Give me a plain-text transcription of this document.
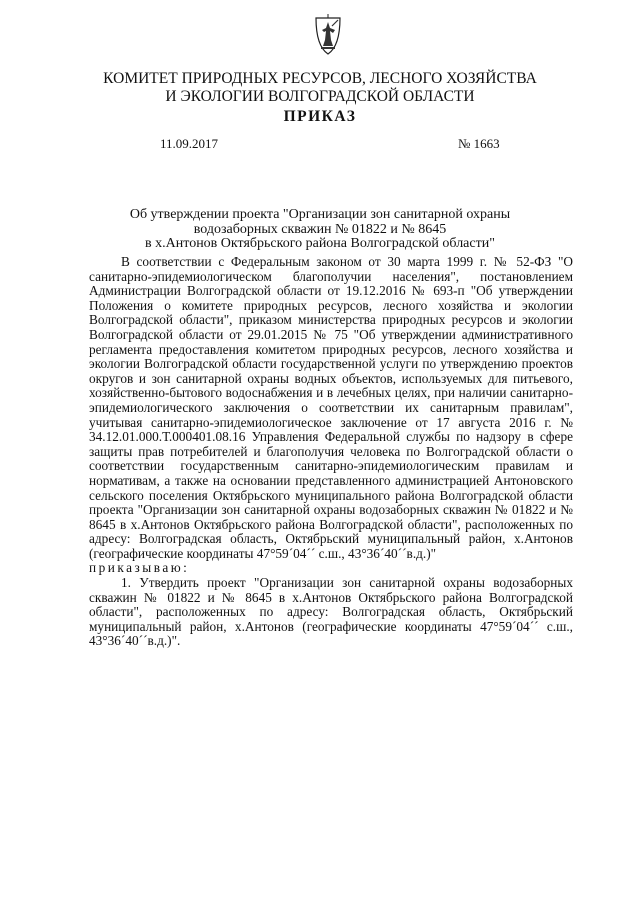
КОМИТЕТ ПРИРОДНЫХ РЕСУРСОВ, ЛЕСНОГО ХОЗЯЙСТВА
И ЭКОЛОГИИ ВОЛГОГРАДСКОЙ ОБЛАСТИ
ПРИКАЗ
11.09.2017	№ 1663
Об утверждении проекта "Организации зон санитарной охраны
водозаборных скважин № 01822 и № 8645
в х.Антонов Октябрьского района Волгоградской области"

В соответствии с Федеральным законом от 30 марта 1999 г. № 52-ФЗ "О санитарно-эпидемиологическом благополучии населения", постановлением Администрации Волгоградской области от 19.12.2016 № 693-п "Об утверждении Положения о комитете природных ресурсов, лесного хозяйства и экологии Волгоградской области", приказом министерства природных ресурсов и экологии Волгоградской области от 29.01.2015 № 75 "Об утверждении административного регламента предоставления комитетом природных ресурсов, лесного хозяйства и экологии Волгоградской области государственной услуги по утверждению проектов округов и зон санитарной охраны водных объектов, используемых для питьевого, хозяйственно-бытового водоснабжения и в лечебных целях, при наличии санитарно-эпидемиологического заключения о соответствии их санитарным правилам", учитывая санитарно-эпидемиологическое заключение от 17 августа 2016 г. № 34.12.01.000.Т.000401.08.16 Управления Федеральной службы по надзору в сфере защиты прав потребителей и благополучия человека по Волгоградской области о соответствии государственным санитарно-эпидемиологическим правилам и нормативам, а также на основании представленного администрацией Антоновского сельского поселения Октябрьского муниципального района Волгоградской области проекта "Организации зон санитарной охраны водозаборных скважин № 01822 и № 8645 в х.Антонов Октябрьского района Волгоградской области", расположенных по адресу: Волгоградская область, Октябрьский муниципальный район, х.Антонов (географические координаты 47°59´04´´ с.ш., 43°36´40´´в.д.)"

приказываю:

1. Утвердить проект "Организации зон санитарной охраны водозаборных скважин № 01822 и № 8645 в х.Антонов Октябрьского района Волгоградской области", расположенных по адресу: Волгоградская область, Октябрьский муниципальный район, х.Антонов (географические координаты 47°59´04´´ с.ш., 43°36´40´´в.д.)".
